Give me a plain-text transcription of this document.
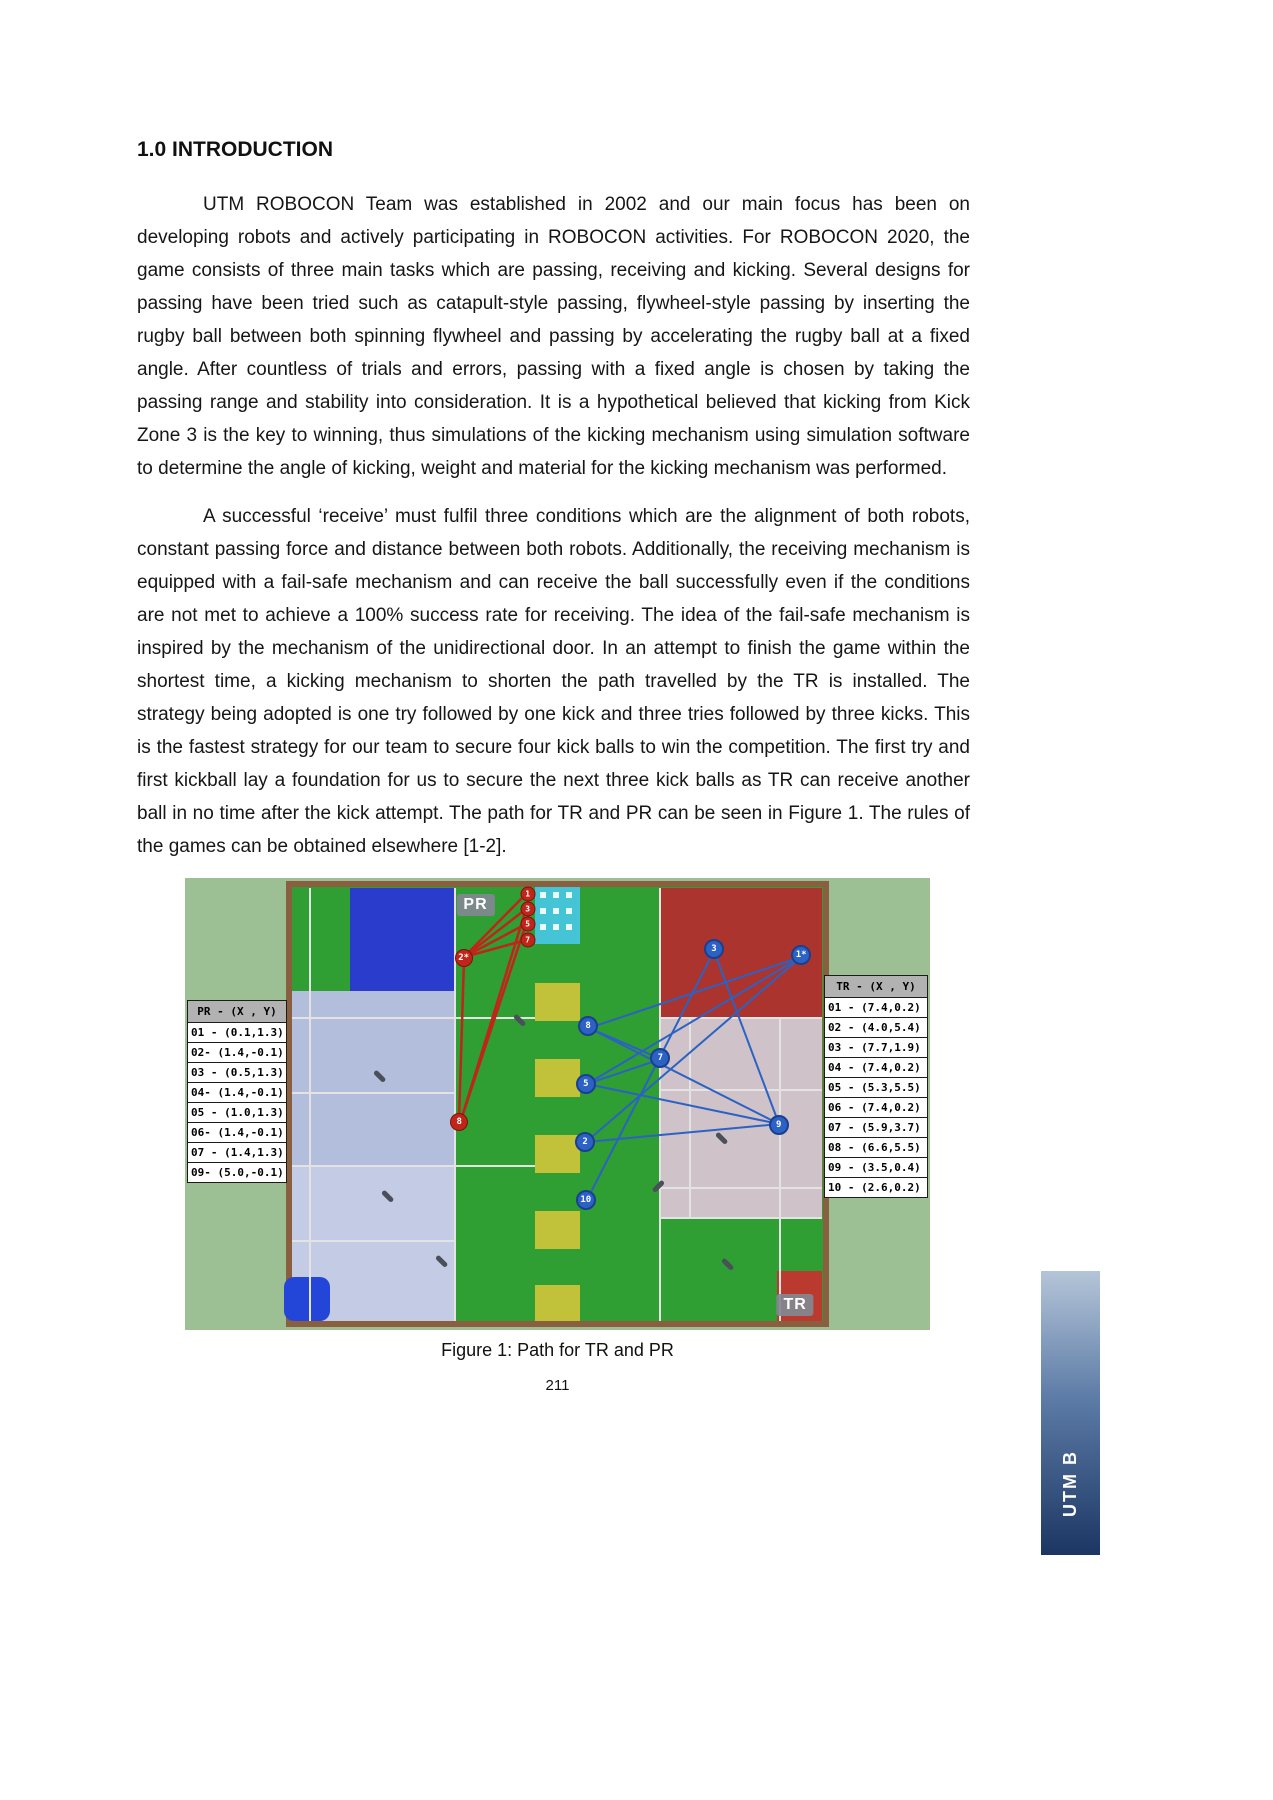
1.0 INTRODUCTION

UTM ROBOCON Team was established in 2002 and our main focus has been on developing robots and actively participating in ROBOCON activities. For ROBOCON 2020, the game consists of three main tasks which are passing, receiving and kicking. Several designs for passing have been tried such as catapult-style passing, flywheel-style passing by inserting the rugby ball between both spinning flywheel and passing by accelerating the rugby ball at a fixed angle. After countless of trials and errors, passing with a fixed angle is chosen by taking the passing range and stability into consideration. It is a hypothetical believed that kicking from Kick Zone 3 is the key to winning, thus simulations of the kicking mechanism using simulation software to determine the angle of kicking, weight and material for the kicking mechanism was performed.

A successful ‘receive’ must fulfil three conditions which are the alignment of both robots, constant passing force and distance between both robots. Additionally, the receiving mechanism is equipped with a fail-safe mechanism and can receive the ball successfully even if the conditions are not met to achieve a 100% success rate for receiving. The idea of the fail-safe mechanism is inspired by the mechanism of the unidirectional door. In an attempt to finish the game within the shortest time, a kicking mechanism to shorten the path travelled by the TR is installed. The strategy being adopted is one try followed by one kick and three tries followed by three kicks. This is the fastest strategy for our team to secure four kick balls to win the competition. The first try and first kickball lay a foundation for us to secure the next three kick balls as TR can receive another ball in no time after the kick attempt. The path for TR and PR can be seen in Figure 1. The rules of the games can be obtained elsewhere [1-2].

1
3
5
7
2*
8
3
1*
8
7
5
9
2
10
PR
TR
PR - (X , Y)
01 - (0.1,1.3)
02- (1.4,-0.1)
03 - (0.5,1.3)
04- (1.4,-0.1)
05 - (1.0,1.3)
06- (1.4,-0.1)
07 - (1.4,1.3)
09- (5.0,-0.1)
TR - (X , Y)
01 - (7.4,0.2)
02 - (4.0,5.4)
03 - (7.7,1.9)
04 - (7.4,0.2)
05 - (5.3,5.5)
06 - (7.4,0.2)
07 - (5.9,3.7)
08 - (6.6,5.5)
09 - (3.5,0.4)
10 - (2.6,0.2)
Figure 1: Path for TR and PR
211
UTM B
